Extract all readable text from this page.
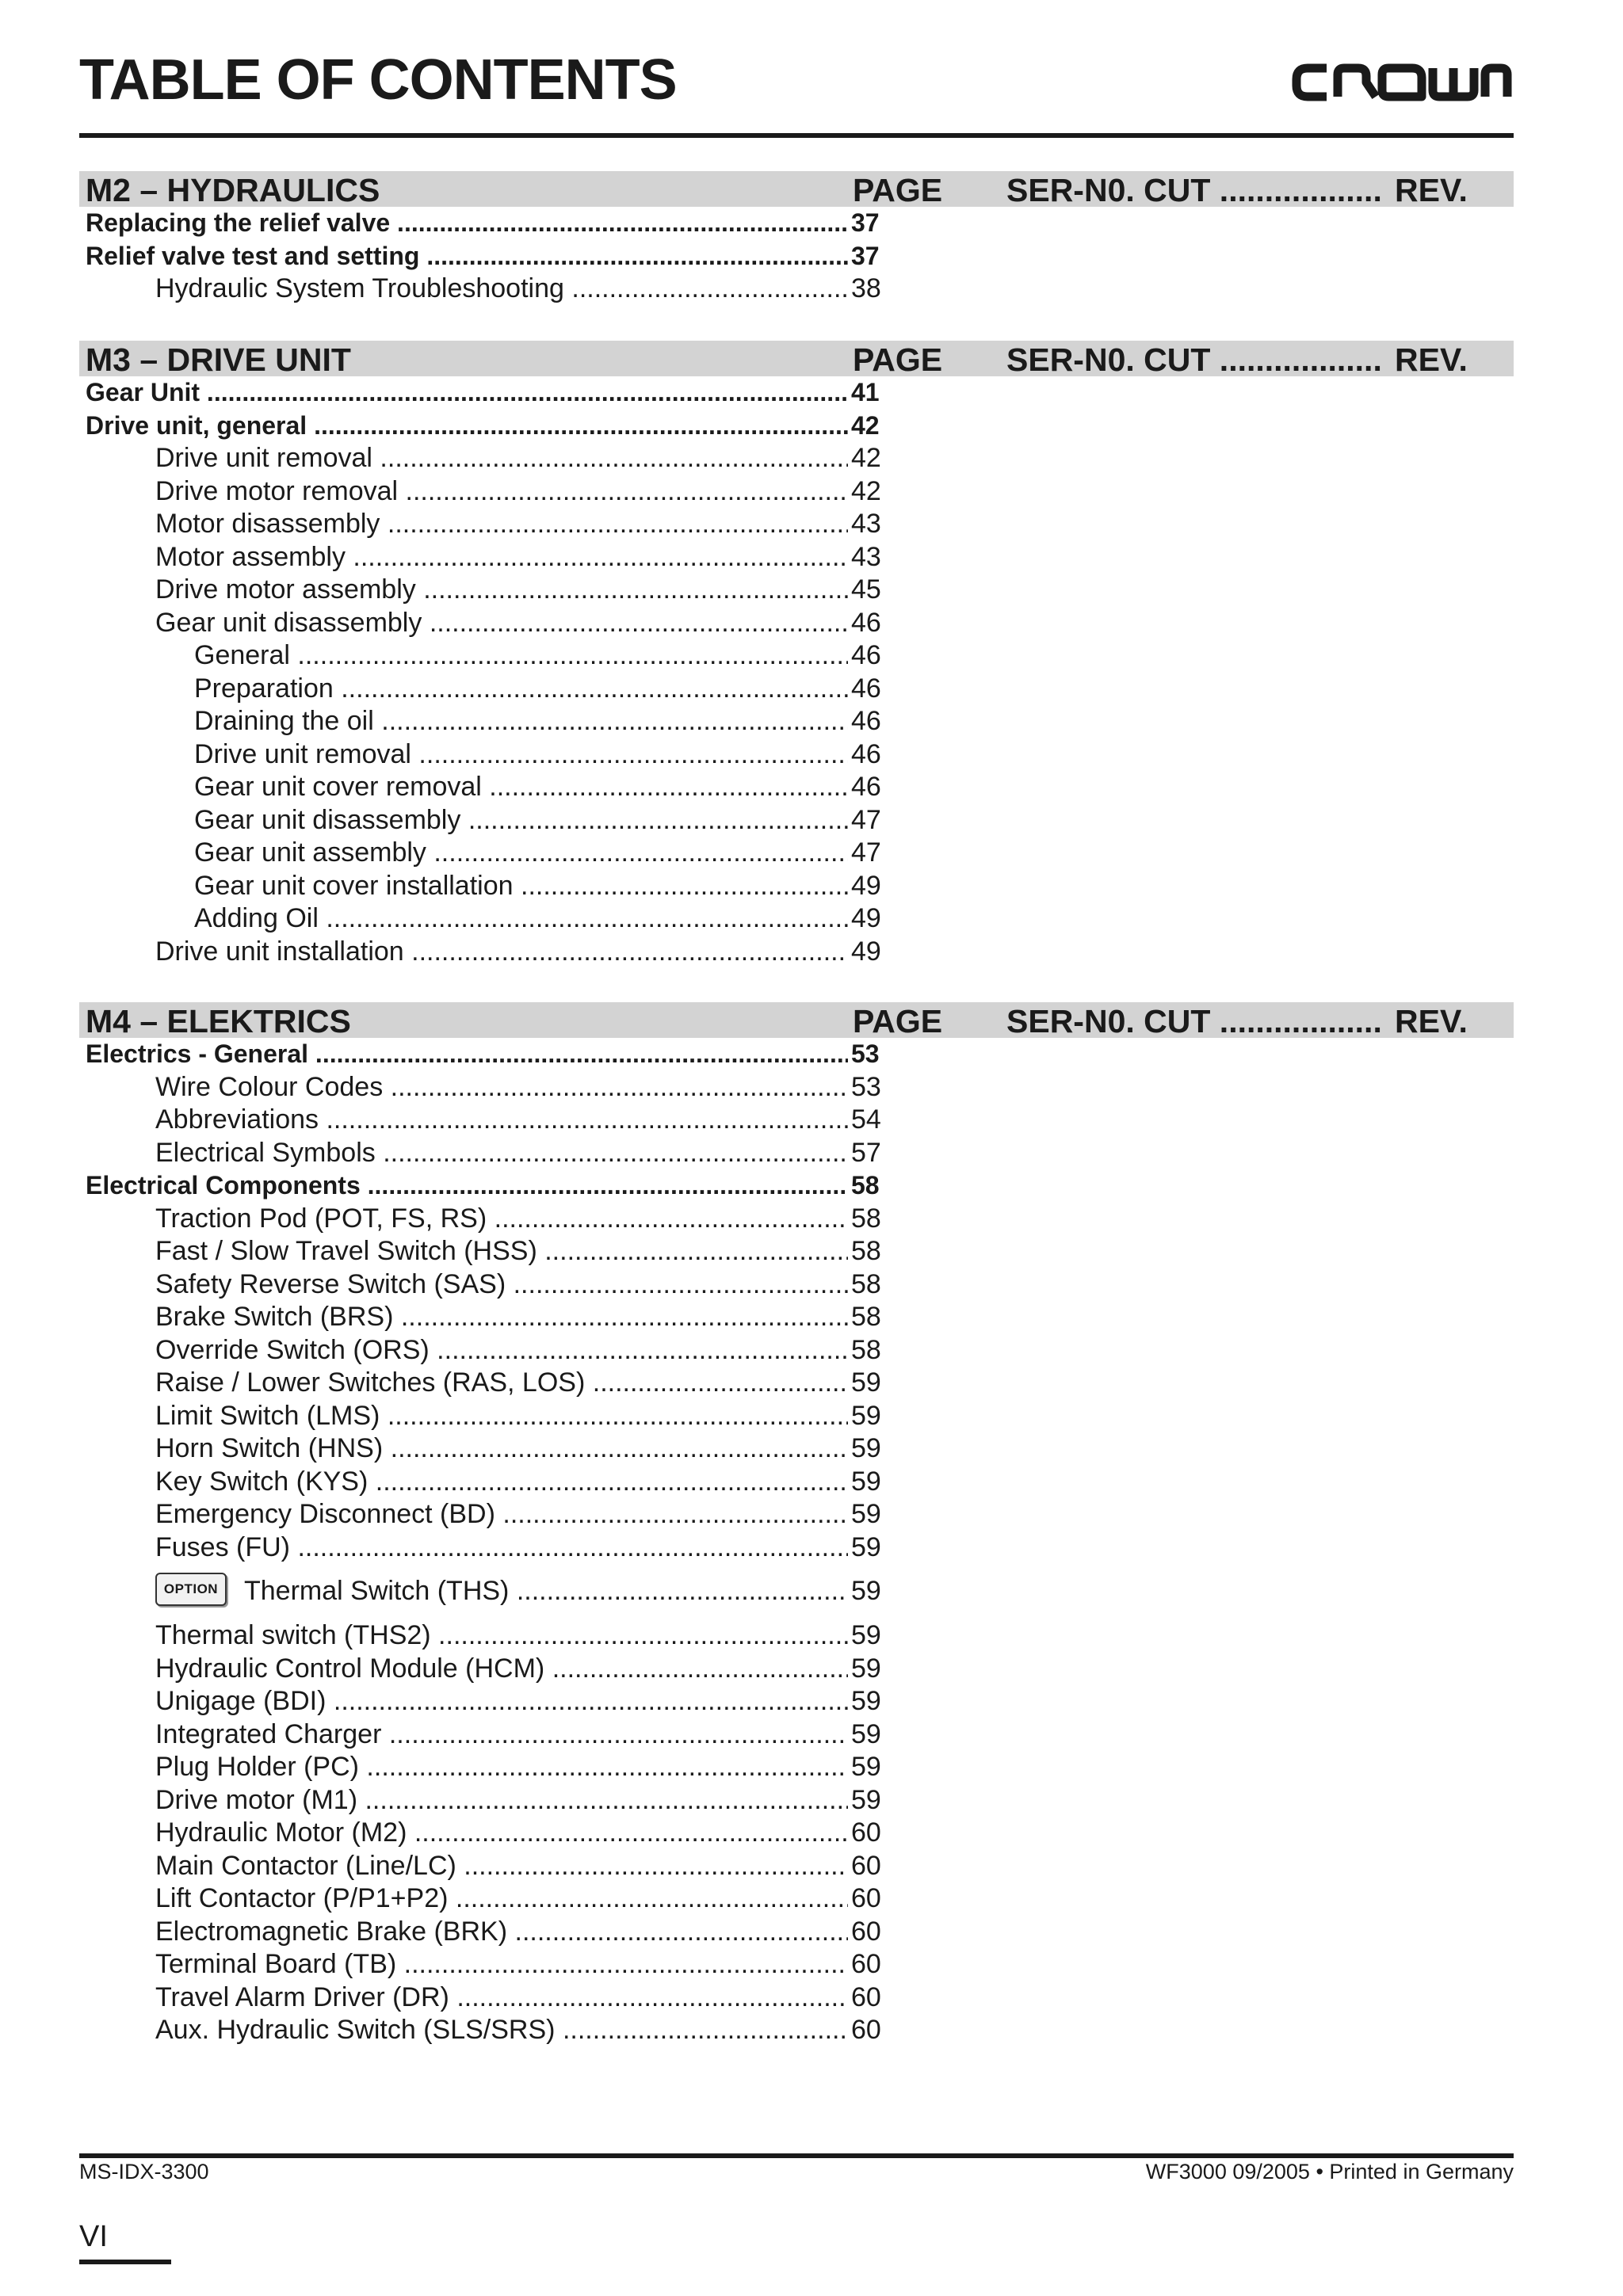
TABLE OF CONTENTS
M2 – HYDRAULICS	PAGE SER-N0. CUT .................. REV.
Replacing the relief valve .....	37
Relief valve test and setting .....	37
Hydraulic System Troubleshooting .....	38
M3 – DRIVE UNIT	PAGE SER-N0. CUT .................. REV.
Gear Unit .....	41
Drive unit, general .....	42
Drive unit removal .....	42
Drive motor removal .....	42
Motor disassembly .....	43
Motor assembly .....	43
Drive motor assembly .....	45
Gear unit disassembly .....	46
General .....	46
Preparation .....	46
Draining the oil .....	46
Drive unit removal .....	46
Gear unit cover removal .....	46
Gear unit disassembly .....	47
Gear unit assembly .....	47
Gear unit cover installation .....	49
Adding Oil .....	49
Drive unit installation .....	49
M4 – ELEKTRICS	PAGE SER-N0. CUT .................. REV.
Electrics - General .....	53
Wire Colour Codes .....	53
Abbreviations .....	54
Electrical Symbols .....	57
Electrical Components .....	58
Traction Pod (POT, FS, RS) .....	58
Fast / Slow Travel Switch (HSS) .....	58
Safety Reverse Switch (SAS) .....	58
Brake Switch (BRS) .....	58
Override Switch (ORS) .....	58
Raise / Lower Switches (RAS, LOS) .....	59
Limit Switch (LMS) .....	59
Horn Switch (HNS) .....	59
Key Switch (KYS) .....	59
Emergency Disconnect (BD) .....	59
Fuses (FU) .....	59
OPTION Thermal Switch (THS) .....	59
Thermal switch (THS2) .....	59
Hydraulic Control Module (HCM) .....	59
Unigage (BDI) .....	59
Integrated Charger .....	59
Plug Holder (PC) .....	59
Drive motor (M1) .....	59
Hydraulic Motor (M2) .....	60
Main Contactor (Line/LC) .....	60
Lift Contactor (P/P1+P2) .....	60
Electromagnetic Brake (BRK) .....	60
Terminal Board (TB) .....	60
Travel Alarm Driver (DR) .....	60
Aux. Hydraulic Switch (SLS/SRS) .....	60
MS-IDX-3300	WF3000 09/2005 • Printed in Germany
VI
